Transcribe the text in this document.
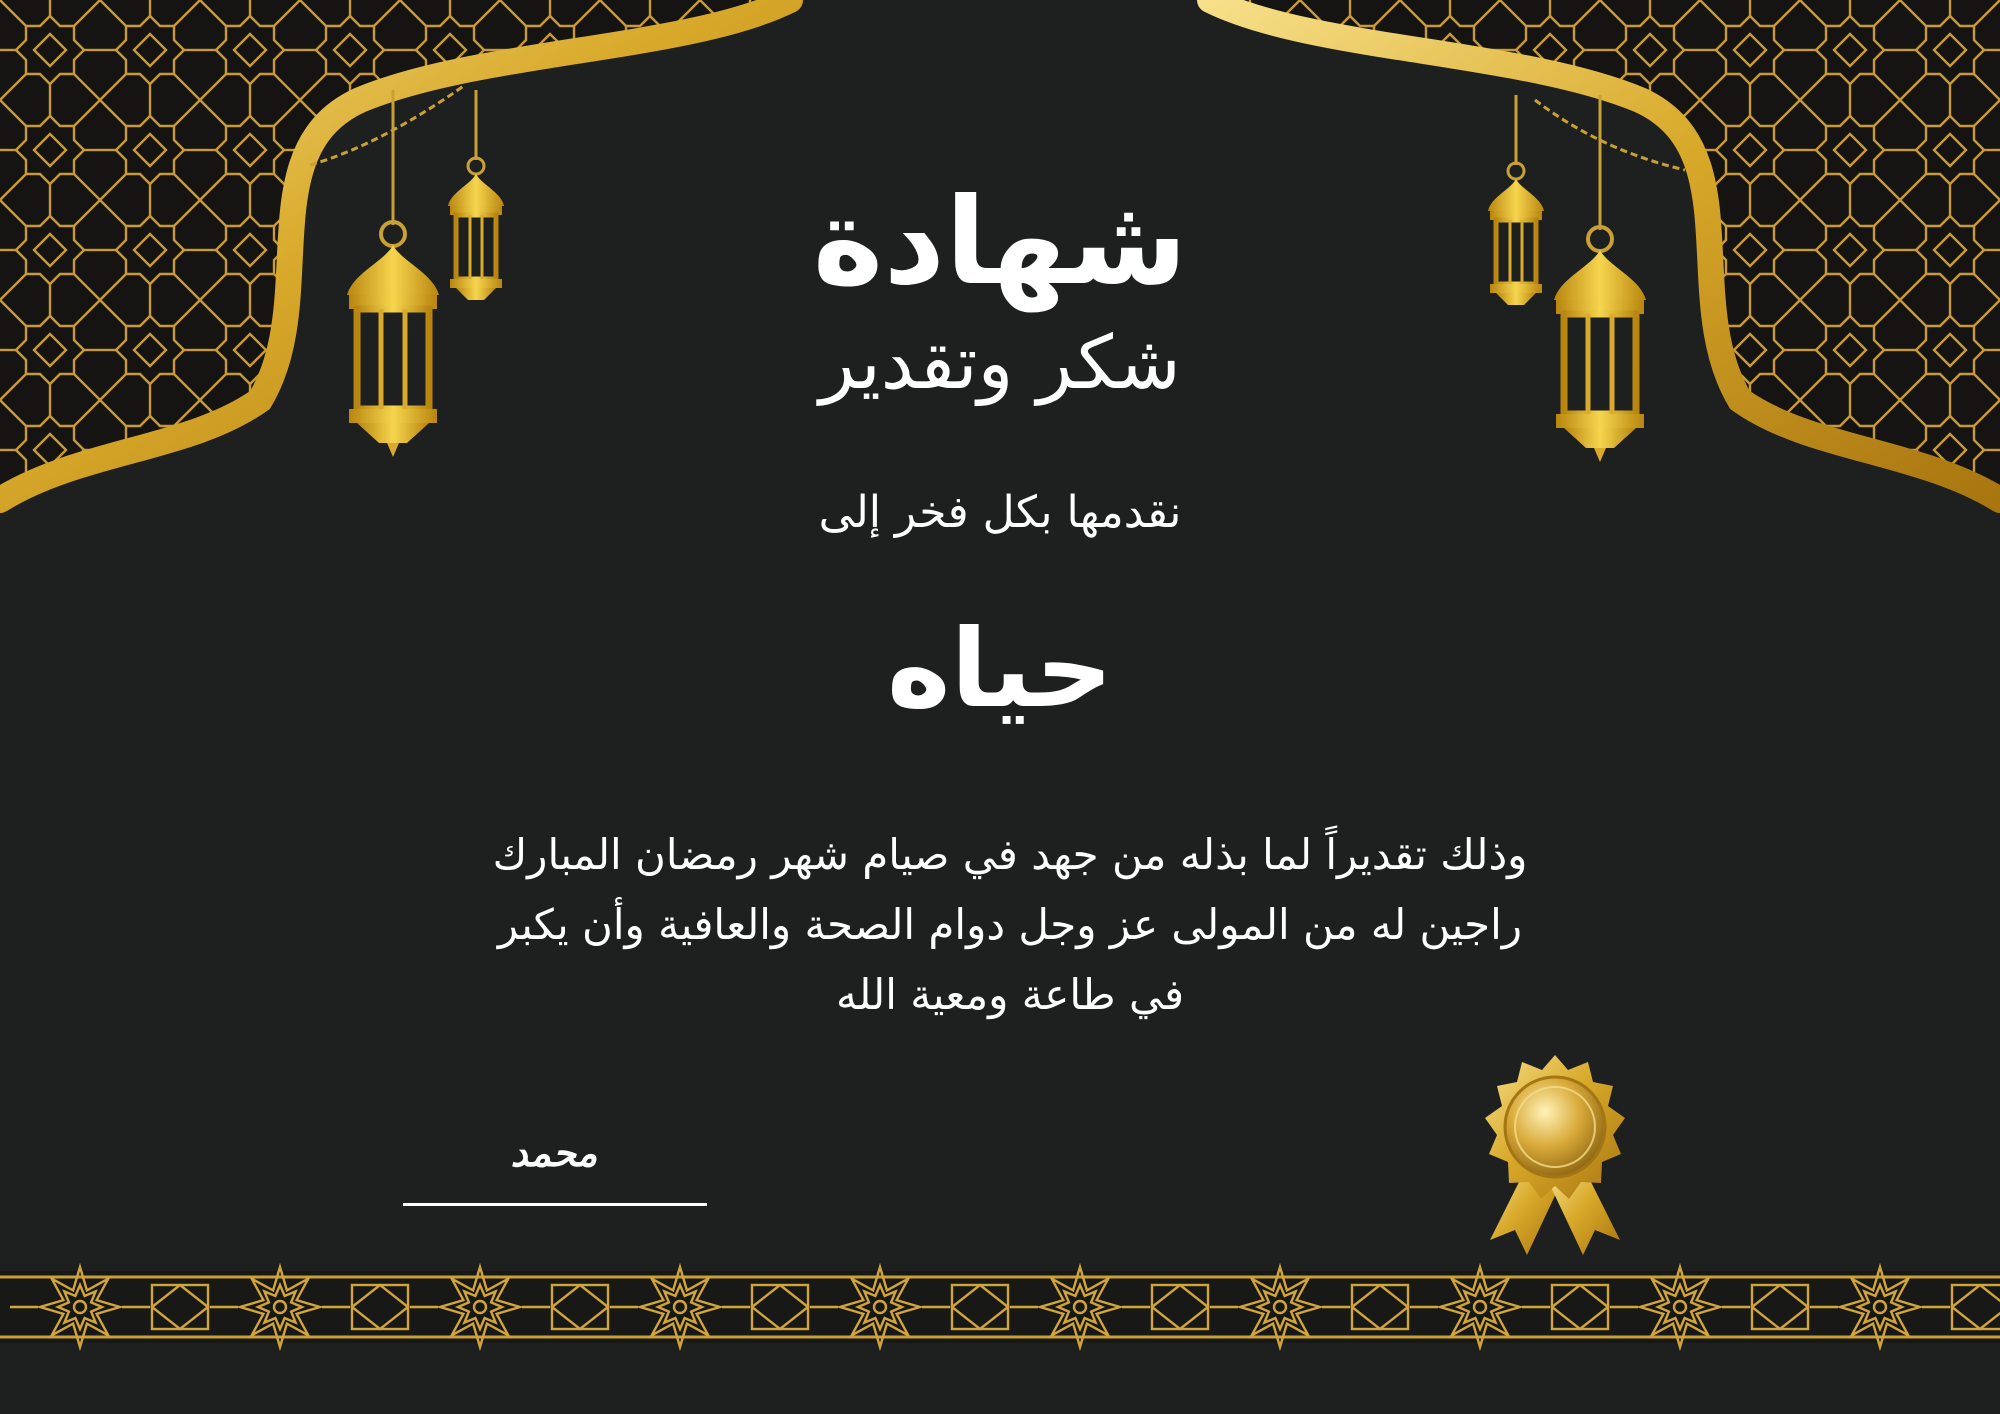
شهادة
شكر وتقدير
نقدمها بكل فخر إلى
حياه
وذلك تقديراً لما بذله من جهد في صيام شهر رمضان المبارك
راجين له من المولى عز وجل دوام الصحة والعافية وأن يكبر
في طاعة ومعية الله
محمد
